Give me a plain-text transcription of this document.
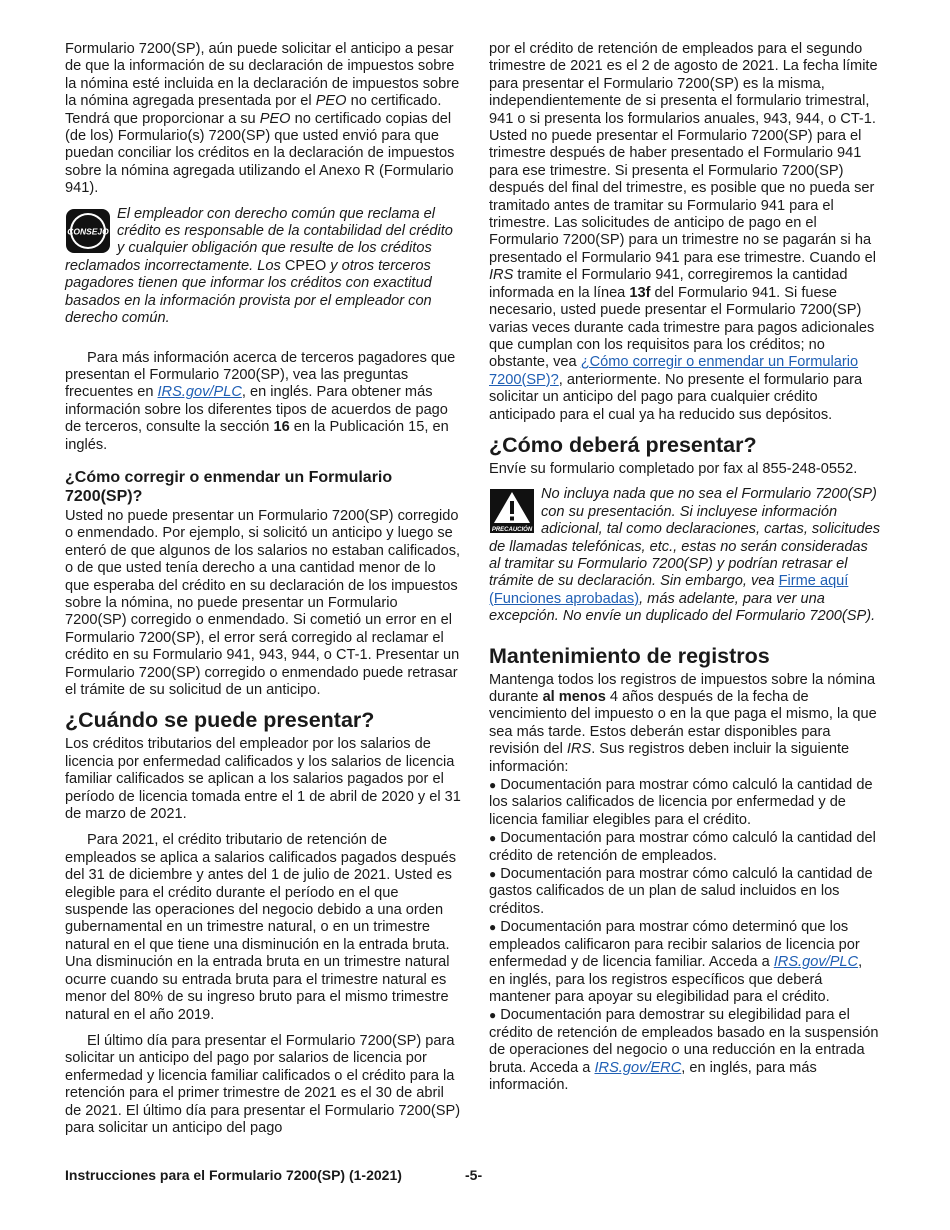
Formulario 7200(SP), aún puede solicitar el anticipo a pesar de que la información de su declaración de impuestos sobre la nómina esté incluida en la declaración de impuestos sobre la nómina agregada presentada por el PEO no certificado. Tendrá que proporcionar a su PEO no certificado copias del (de los) Formulario(s) 7200(SP) que usted envió para que puedan conciliar los créditos en la declaración de impuestos sobre la nómina agregada utilizando el Anexo R (Formulario 941).

CONSEJO
El empleador con derecho común que reclama el crédito es responsable de la contabilidad del crédito y cualquier obligación que resulte de los créditos reclamados incorrectamente. Los CPEO y otros terceros pagadores tienen que informar los créditos con exactitud basados en la información provista por el empleador con derecho común.

Para más información acerca de terceros pagadores que presentan el Formulario 7200(SP), vea las preguntas frecuentes en IRS.gov/PLC, en inglés. Para obtener más información sobre los diferentes tipos de acuerdos de pago de terceros, consulte la sección 16 en la Publicación 15, en inglés.

¿Cómo corregir o enmendar un Formulario 7200(SP)?

Usted no puede presentar un Formulario 7200(SP) corregido o enmendado. Por ejemplo, si solicitó un anticipo y luego se enteró de que algunos de los salarios no estaban calificados, o de que usted tenía derecho a una cantidad menor de lo que esperaba del crédito en su declaración de los impuestos sobre la nómina, no puede presentar un Formulario 7200(SP) corregido o enmendado. Si cometió un error en el Formulario 7200(SP), el error será corregido al reclamar el crédito en su Formulario 941, 943, 944, o CT-1. Presentar un Formulario 7200(SP) corregido o enmendado puede retrasar el trámite de su solicitud de un anticipo.

¿Cuándo se puede presentar?

Los créditos tributarios del empleador por los salarios de licencia por enfermedad calificados y los salarios de licencia familiar calificados se aplican a los salarios pagados por el período de licencia tomada entre el 1 de abril de 2020 y el 31 de marzo de 2021.

Para 2021, el crédito tributario de retención de empleados se aplica a salarios calificados pagados después del 31 de diciembre y antes del 1 de julio de 2021. Usted es elegible para el crédito durante el período en el que suspende las operaciones del negocio debido a una orden gubernamental en un trimestre natural, o en un trimestre natural en el que tiene una disminución en la entrada bruta. Una disminución en la entrada bruta en un trimestre natural ocurre cuando su entrada bruta para el trimestre natural es menor del 80% de su ingreso bruto para el mismo trimestre natural en el año 2019.

El último día para presentar el Formulario 7200(SP) para solicitar un anticipo del pago por salarios de licencia por enfermedad y licencia familiar calificados o el crédito para la retención para el primer trimestre de 2021 es el 30 de abril de 2021. El último día para presentar el Formulario 7200(SP) para solicitar un anticipo del pago

por el crédito de retención de empleados para el segundo trimestre de 2021 es el 2 de agosto de 2021. La fecha límite para presentar el Formulario 7200(SP) es la misma, independientemente de si presenta el formulario trimestral, 941 o si presenta los formularios anuales, 943, 944, o CT-1. Usted no puede presentar el Formulario 7200(SP) para el trimestre después de haber presentado el Formulario 941 para ese trimestre. Si presenta el Formulario 7200(SP) después del final del trimestre, es posible que no pueda ser tramitado antes de tramitar su Formulario 941 para el trimestre. Las solicitudes de anticipo de pago en el Formulario 7200(SP) para un trimestre no se pagarán si ha presentado el Formulario 941 para ese trimestre. Cuando el IRS tramite el Formulario 941, corregiremos la cantidad informada en la línea 13f del Formulario 941. Si fuese necesario, usted puede presentar el Formulario 7200(SP) varias veces durante cada trimestre para pagos adicionales que cumplan con los requisitos para los créditos; no obstante, vea ¿Cómo corregir o enmendar un Formulario 7200(SP)?, anteriormente. No presente el formulario para solicitar un anticipo del pago para cualquier crédito anticipado para el cual ya ha reducido sus depósitos.

¿Cómo deberá presentar?

Envíe su formulario completado por fax al 855-248-0552.

PRECAUCIÓN
No incluya nada que no sea el Formulario 7200(SP) con su presentación. Si incluyese información adicional, tal como declaraciones, cartas, solicitudes de llamadas telefónicas, etc., estas no serán consideradas al tramitar su Formulario 7200(SP) y podrían retrasar el trámite de su declaración. Sin embargo, vea Firme aquí (Funciones aprobadas), más adelante, para ver una excepción. No envíe un duplicado del Formulario 7200(SP).
Mantenimiento de registros

Mantenga todos los registros de impuestos sobre la nómina durante al menos 4 años después de la fecha de vencimiento del impuesto o en la que paga el mismo, la que sea más tarde. Estos deberán estar disponibles para revisión del IRS. Sus registros deben incluir la siguiente información:

● Documentación para mostrar cómo calculó la cantidad de los salarios calificados de licencia por enfermedad y de licencia familiar elegibles para el crédito.

● Documentación para mostrar cómo calculó la cantidad del crédito de retención de empleados.

● Documentación para mostrar cómo calculó la cantidad de gastos calificados de un plan de salud incluidos en los créditos.

● Documentación para mostrar cómo determinó que los empleados calificaron para recibir salarios de licencia por enfermedad y de licencia familiar. Acceda a IRS.gov/PLC, en inglés, para los registros específicos que deberá mantener para apoyar su elegibilidad para el crédito.

● Documentación para demostrar su elegibilidad para el crédito de retención de empleados basado en la suspensión de operaciones del negocio o una reducción en la entrada bruta. Acceda a IRS.gov/ERC, en inglés, para más información.

Instrucciones para el Formulario 7200(SP) (1-2021)	-5-
